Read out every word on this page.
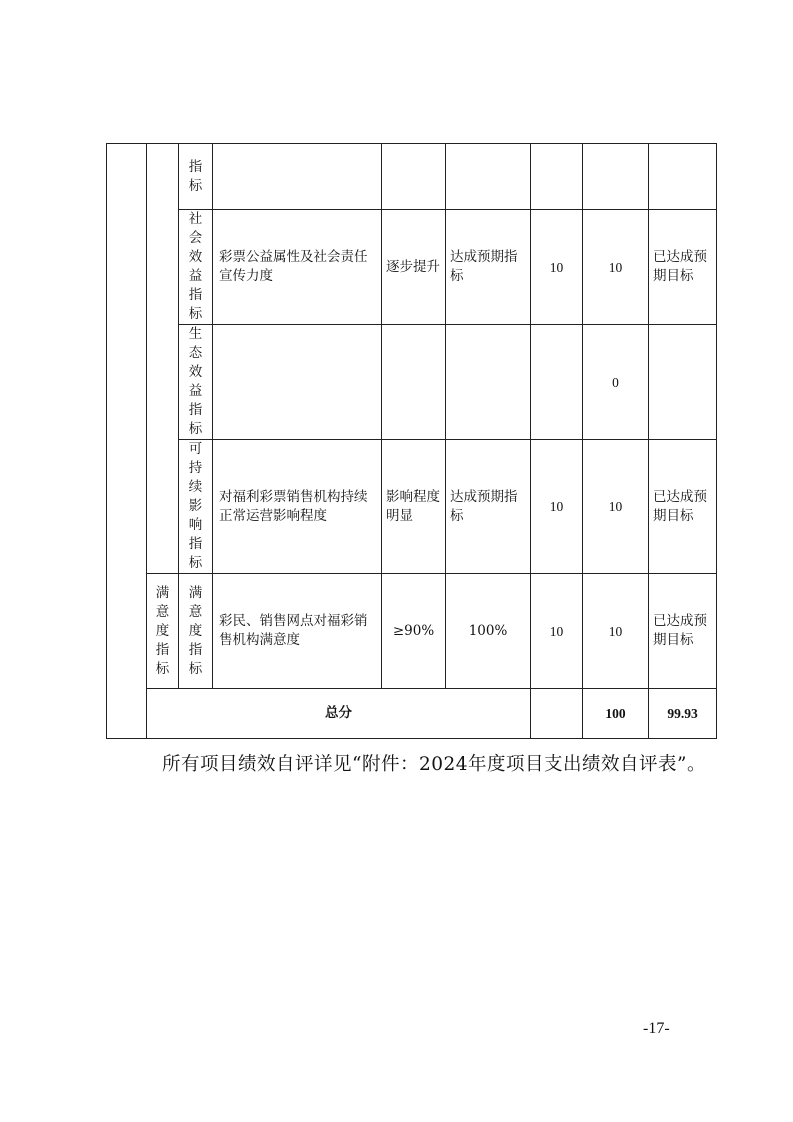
		指标							

		社会效益指标	彩票公益属性及社会责任宣传力度	逐步提升	达成预期指标	10	10	已达成预期目标	

		生态效益指标					0		

		可持续影响指标	对福利彩票销售机构持续正常运营影响程度	影响程度明显	达成预期指标	10	10	已达成预期目标	

	满意度指标	满意度指标	彩民、销售网点对福彩销售机构满意度	≥90%	100%	10	10	已达成预期目标	
	总分						100	99.93	

所有项目绩效自评详见“附件：2024年度项目支出绩效自评表”。

-17-
